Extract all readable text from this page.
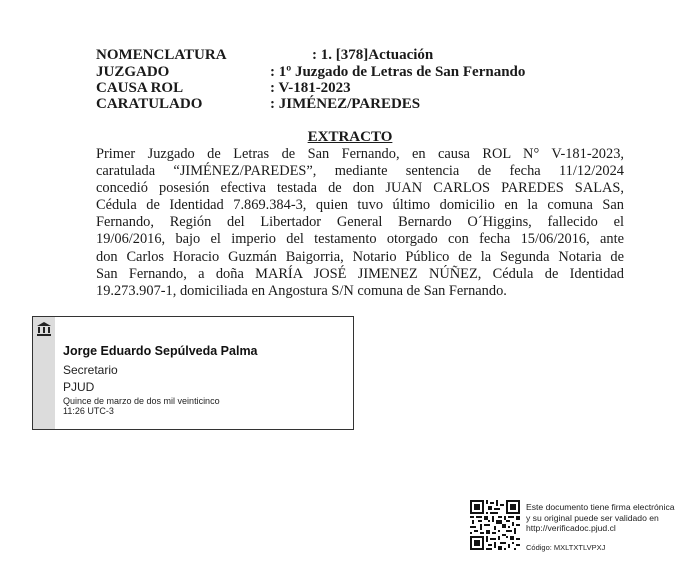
NOMENCLATURA	: 1. [378]Actuación
JUZGADO	: 1º Juzgado de Letras de San Fernando
CAUSA ROL	: V-181-2023
CARATULADO	: JIMÉNEZ/PAREDES
EXTRACTO
Primer Juzgado de Letras de San Fernando, en causa ROL N° V-181-2023,
caratulada “JIMÉNEZ/PAREDES”, mediante sentencia de fecha 11/12/2024
concedió posesión efectiva testada de don JUAN CARLOS PAREDES SALAS,
Cédula de Identidad 7.869.384-3, quien tuvo último domicilio en la comuna San
Fernando, Región del Libertador General Bernardo O´Higgins, fallecido el
19/06/2016, bajo el imperio del testamento otorgado con fecha 15/06/2016, ante
don Carlos Horacio Guzmán Baigorria, Notario Público de la Segunda Notaria de
San Fernando, a doña MARÍA JOSÉ JIMENEZ NÚÑEZ, Cédula de Identidad
19.273.907-1, domiciliada en Angostura S/N comuna de San Fernando.
Jorge Eduardo Sepúlveda Palma
Secretario
PJUD
Quince de marzo de dos mil veinticinco
11:26 UTC-3
Este documento tiene firma electrónica
y su original puede ser validado en
http://verificadoc.pjud.cl
Código: MXLTXTLVPXJ
